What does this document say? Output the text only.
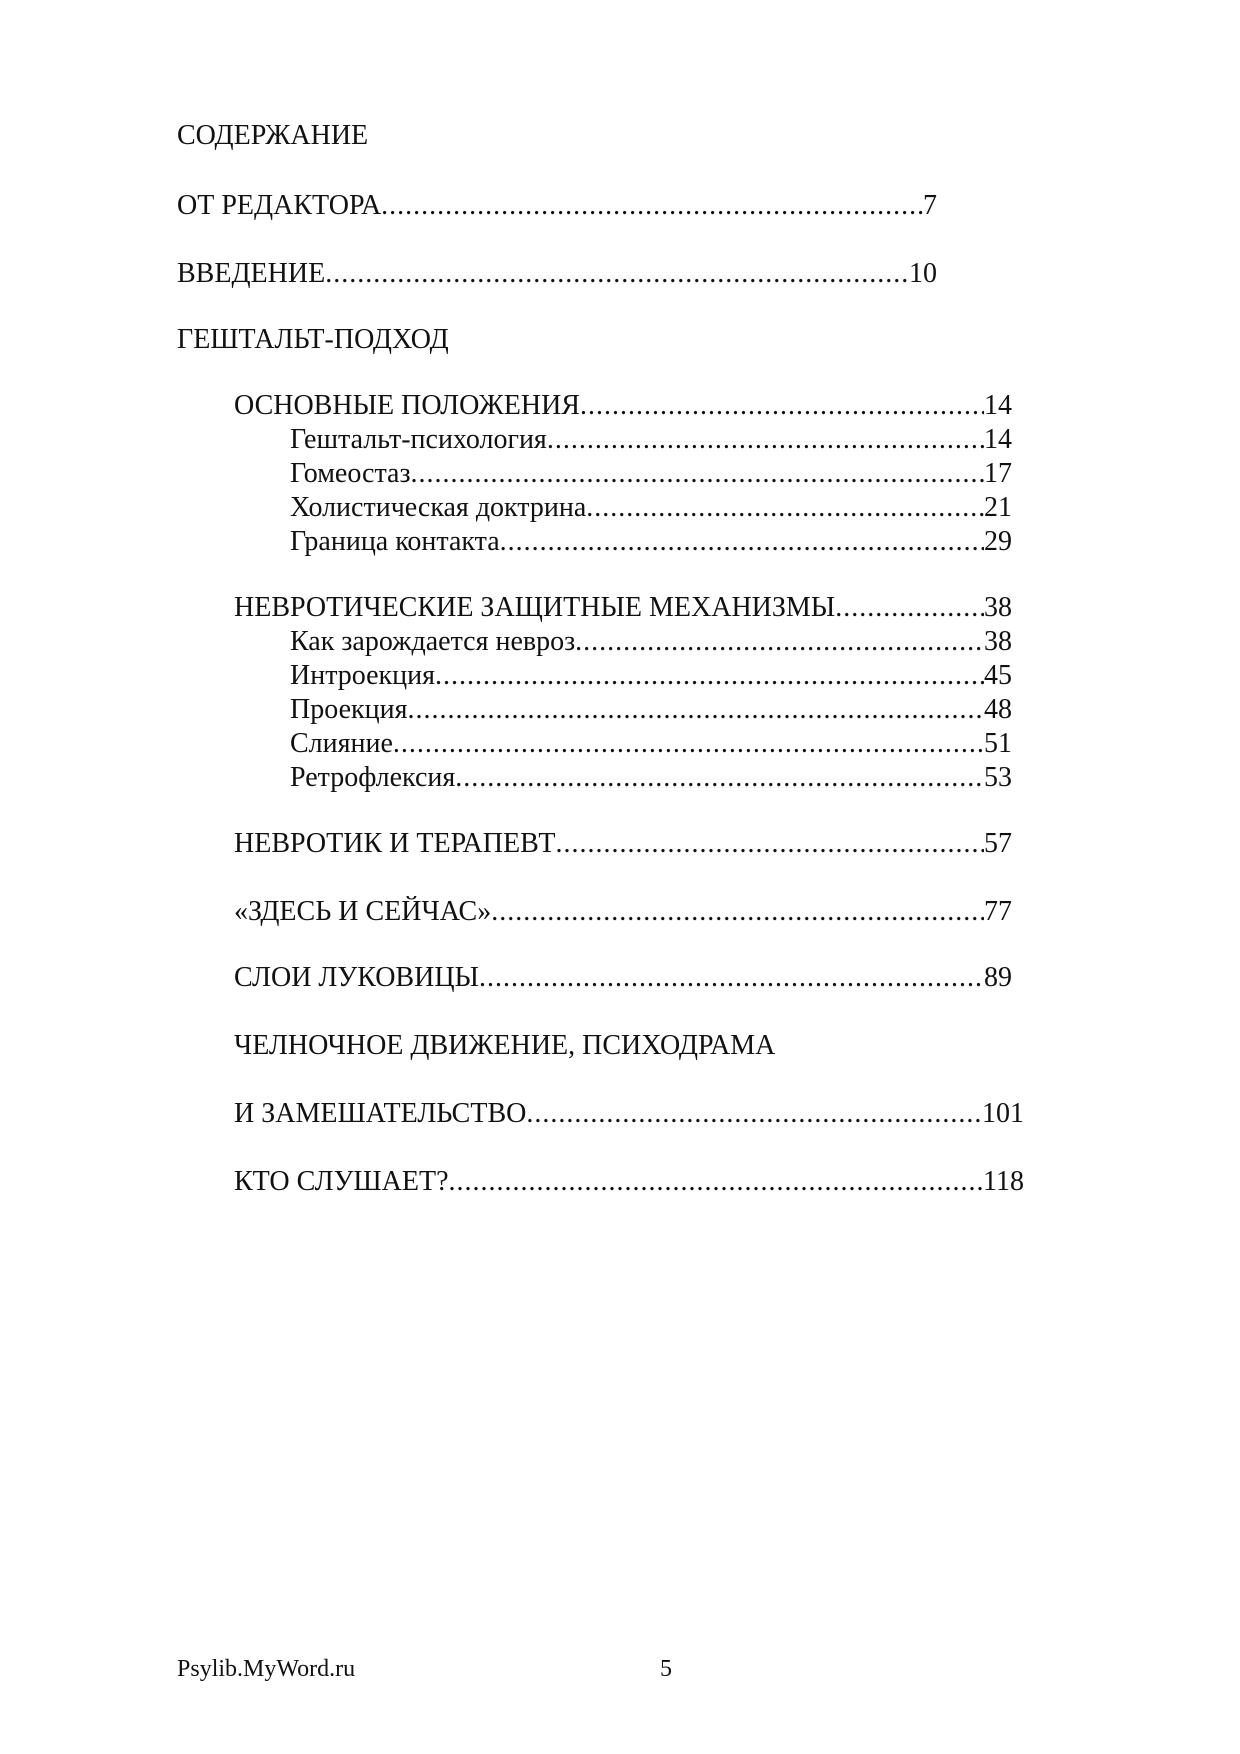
СОДЕРЖАНИЕ
ОТ РЕДАКТОРА .....	7
ВВЕДЕНИЕ .....	10
ГЕШТАЛЬТ-ПОДХОД
ОСНОВНЫЕ ПОЛОЖЕНИЯ .....	14
Гештальт-психология .....	14
Гомеостаз .....	17
Холистическая доктрина .....	21
Граница контакта .....	29
НЕВРОТИЧЕСКИЕ ЗАЩИТНЫЕ МЕХАНИЗМЫ .....	38
Как зарождается невроз .....	38
Интроекция .....	45
Проекция .....	48
Слияние .....	51
Ретрофлексия .....	53
НЕВРОТИК И ТЕРАПЕВТ .....	57
«ЗДЕСЬ И СЕЙЧАС» .....	77
СЛОИ ЛУКОВИЦЫ .....	89
ЧЕЛНОЧНОЕ ДВИЖЕНИЕ, ПСИХОДРАМА
И ЗАМЕШАТЕЛЬСТВО .....	101
КТО СЛУШАЕТ? .....	118
Psylib.MyWord.ru	5
